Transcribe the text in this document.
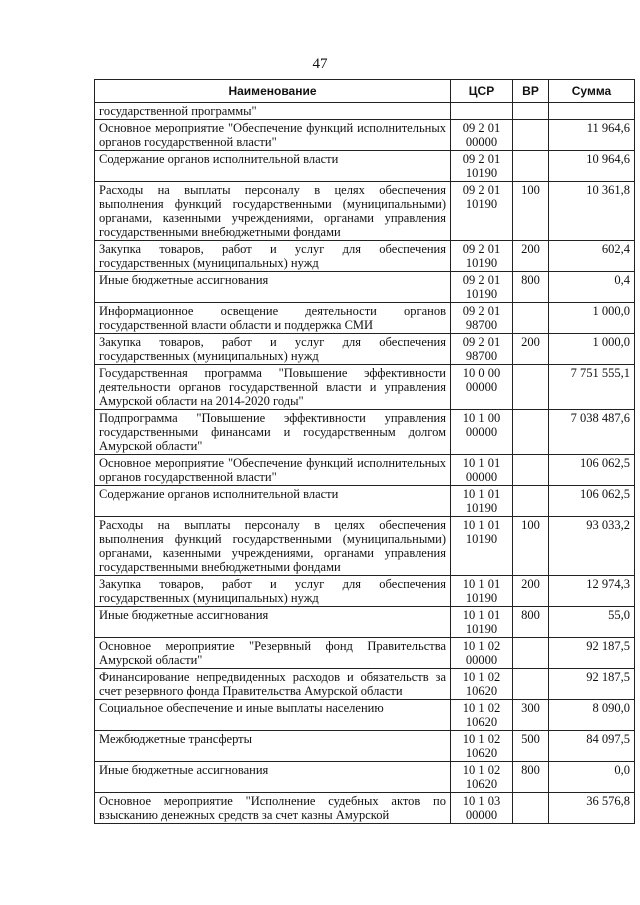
47
Наименование	ЦСР	ВР	Сумма
государственной программы"			
Основное мероприятие "Обеспечение функций исполнительных органов государственной власти"	09 2 01 00000		11 964,6
Содержание органов исполнительной власти	09 2 01 10190		10 964,6
Расходы на выплаты персоналу в целях обеспечения выполнения функций государственными (муниципальными) органами, казенными учреждениями, органами управления государственными внебюджетными фондами	09 2 01 10190	100	10 361,8
Закупка товаров, работ и услуг для обеспечения государственных (муниципальных) нужд	09 2 01 10190	200	602,4
Иные бюджетные ассигнования	09 2 01 10190	800	0,4
Информационное освещение деятельности органов государственной власти области и поддержка СМИ	09 2 01 98700		1 000,0
Закупка товаров, работ и услуг для обеспечения государственных (муниципальных) нужд	09 2 01 98700	200	1 000,0
Государственная программа "Повышение эффективности деятельности органов государственной власти и управления Амурской области на 2014-2020 годы"	10 0 00 00000		7 751 555,1
Подпрограмма "Повышение эффективности управления государственными финансами и государственным долгом Амурской области"	10 1 00 00000		7 038 487,6
Основное мероприятие "Обеспечение функций исполнительных органов государственной власти"	10 1 01 00000		106 062,5
Содержание органов исполнительной власти	10 1 01 10190		106 062,5
Расходы на выплаты персоналу в целях обеспечения выполнения функций государственными (муниципальными) органами, казенными учреждениями, органами управления государственными внебюджетными фондами	10 1 01 10190	100	93 033,2
Закупка товаров, работ и услуг для обеспечения государственных (муниципальных) нужд	10 1 01 10190	200	12 974,3
Иные бюджетные ассигнования	10 1 01 10190	800	55,0
Основное мероприятие "Резервный фонд Правительства Амурской области"	10 1 02 00000		92 187,5
Финансирование непредвиденных расходов и обязательств за счет резервного фонда Правительства Амурской области	10 1 02 10620		92 187,5
Социальное обеспечение и иные выплаты населению	10 1 02 10620	300	8 090,0
Межбюджетные трансферты	10 1 02 10620	500	84 097,5
Иные бюджетные ассигнования	10 1 02 10620	800	0,0
Основное мероприятие "Исполнение судебных актов по взысканию денежных средств за счет казны Амурской	10 1 03 00000		36 576,8
